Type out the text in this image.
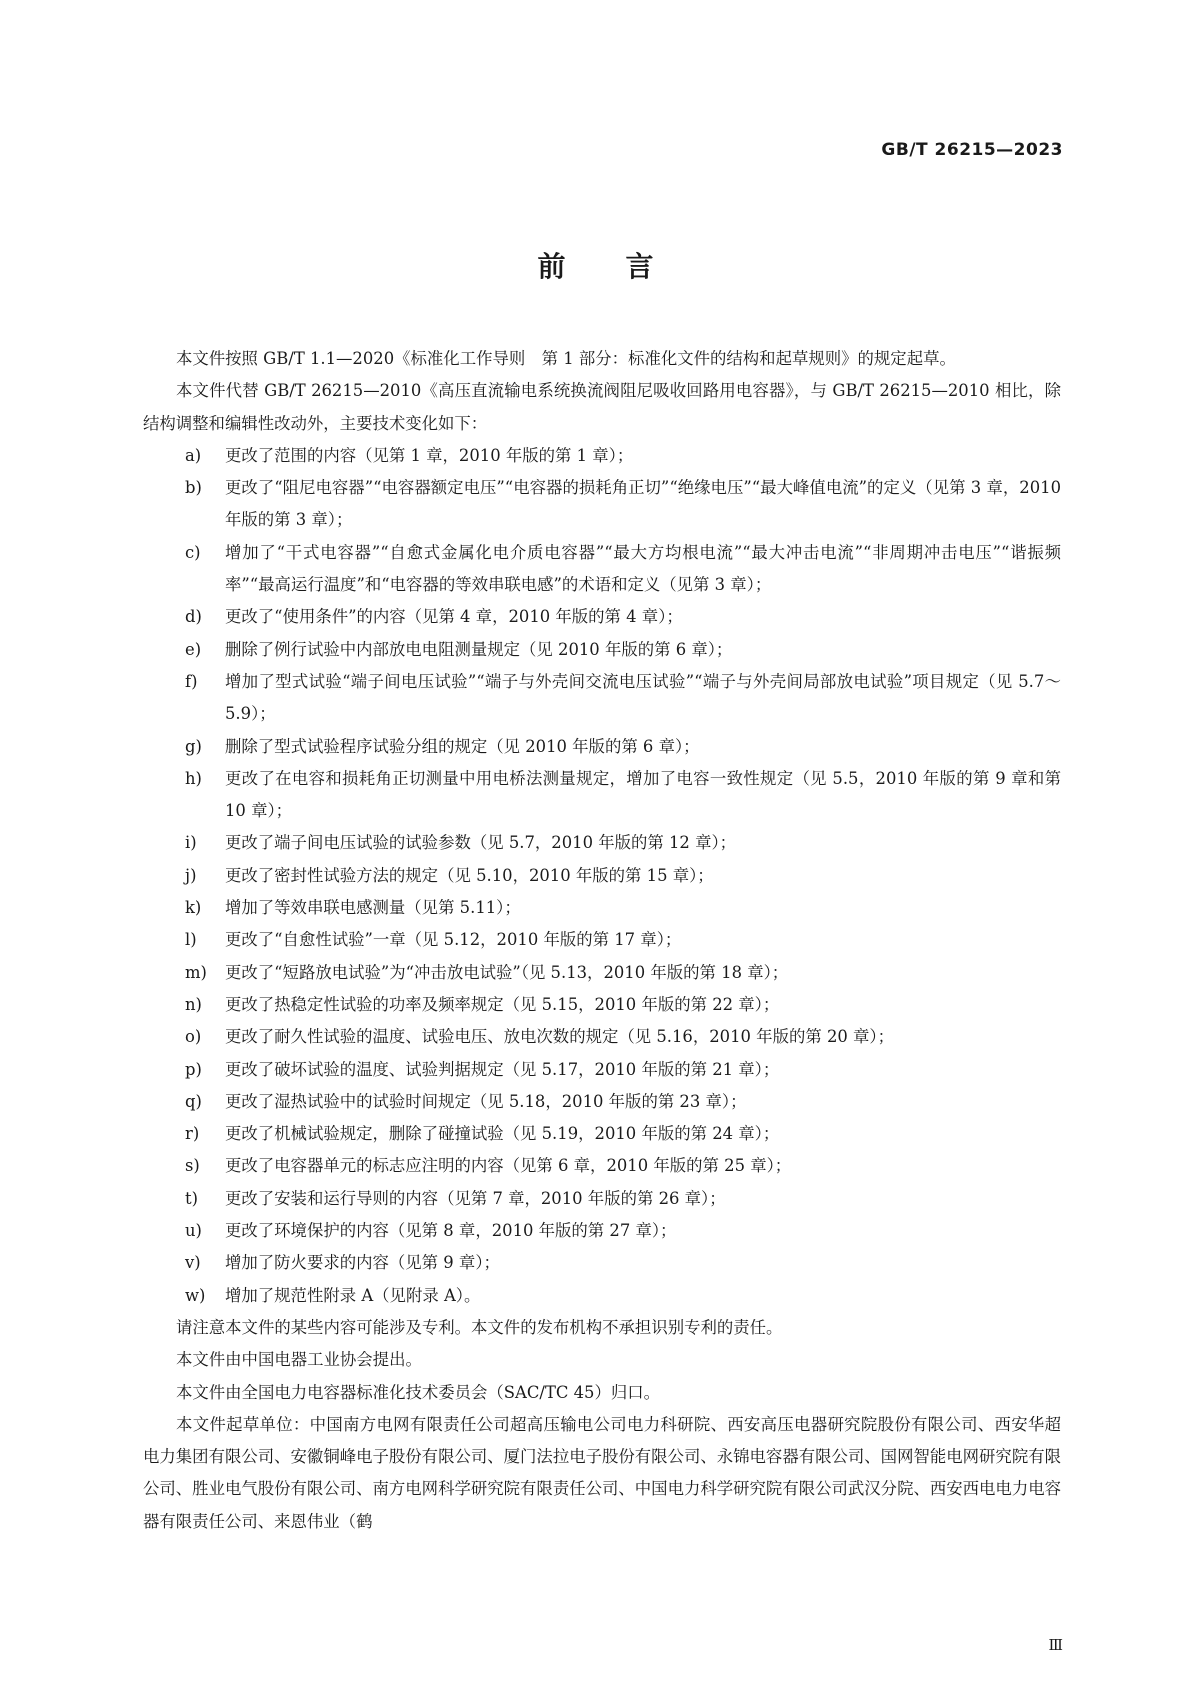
GB/T 26215—2023
前言

本文件按照 GB/T 1.1—2020《标准化工作导则　第 1 部分：标准化文件的结构和起草规则》的规定起草。

本文件代替 GB/T 26215—2010《高压直流输电系统换流阀阻尼吸收回路用电容器》，与 GB/T 26215—2010 相比，除结构调整和编辑性改动外，主要技术变化如下：

a)	更改了范围的内容（见第 1 章，2010 年版的第 1 章）；
b)	更改了“阻尼电容器”“电容器额定电压”“电容器的损耗角正切”“绝缘电压”“最大峰值电流”的定义（见第 3 章，2010 年版的第 3 章）；
c)	增加了“干式电容器”“自愈式金属化电介质电容器”“最大方均根电流”“最大冲击电流”“非周期冲击电压”“谐振频率”“最高运行温度”和“电容器的等效串联电感”的术语和定义（见第 3 章）；
d)	更改了“使用条件”的内容（见第 4 章，2010 年版的第 4 章）；
e)	删除了例行试验中内部放电电阻测量规定（见 2010 年版的第 6 章）；
f)	增加了型式试验“端子间电压试验”“端子与外壳间交流电压试验”“端子与外壳间局部放电试验”项目规定（见 5.7～5.9）；
g)	删除了型式试验程序试验分组的规定（见 2010 年版的第 6 章）；
h)	更改了在电容和损耗角正切测量中用电桥法测量规定，增加了电容一致性规定（见 5.5，2010 年版的第 9 章和第 10 章）；
i)	更改了端子间电压试验的试验参数（见 5.7，2010 年版的第 12 章）；
j)	更改了密封性试验方法的规定（见 5.10，2010 年版的第 15 章）；
k)	增加了等效串联电感测量（见第 5.11）；
l)	更改了“自愈性试验”一章（见 5.12，2010 年版的第 17 章）；
m)	更改了“短路放电试验”为“冲击放电试验”（见 5.13，2010 年版的第 18 章）；
n)	更改了热稳定性试验的功率及频率规定（见 5.15，2010 年版的第 22 章）；
o)	更改了耐久性试验的温度、试验电压、放电次数的规定（见 5.16，2010 年版的第 20 章）；
p)	更改了破坏试验的温度、试验判据规定（见 5.17，2010 年版的第 21 章）；
q)	更改了湿热试验中的试验时间规定（见 5.18，2010 年版的第 23 章）；
r)	更改了机械试验规定，删除了碰撞试验（见 5.19，2010 年版的第 24 章）；
s)	更改了电容器单元的标志应注明的内容（见第 6 章，2010 年版的第 25 章）；
t)	更改了安装和运行导则的内容（见第 7 章，2010 年版的第 26 章）；
u)	更改了环境保护的内容（见第 8 章，2010 年版的第 27 章）；
v)	增加了防火要求的内容（见第 9 章）；
w)	增加了规范性附录 A（见附录 A）。

请注意本文件的某些内容可能涉及专利。本文件的发布机构不承担识别专利的责任。

本文件由中国电器工业协会提出。

本文件由全国电力电容器标准化技术委员会（SAC/TC 45）归口。

本文件起草单位：中国南方电网有限责任公司超高压输电公司电力科研院、西安高压电器研究院股份有限公司、西安华超电力集团有限公司、安徽铜峰电子股份有限公司、厦门法拉电子股份有限公司、永锦电容器有限公司、国网智能电网研究院有限公司、胜业电气股份有限公司、南方电网科学研究院有限责任公司、中国电力科学研究院有限公司武汉分院、西安西电电力电容器有限责任公司、来恩伟业（鹤

Ⅲ
